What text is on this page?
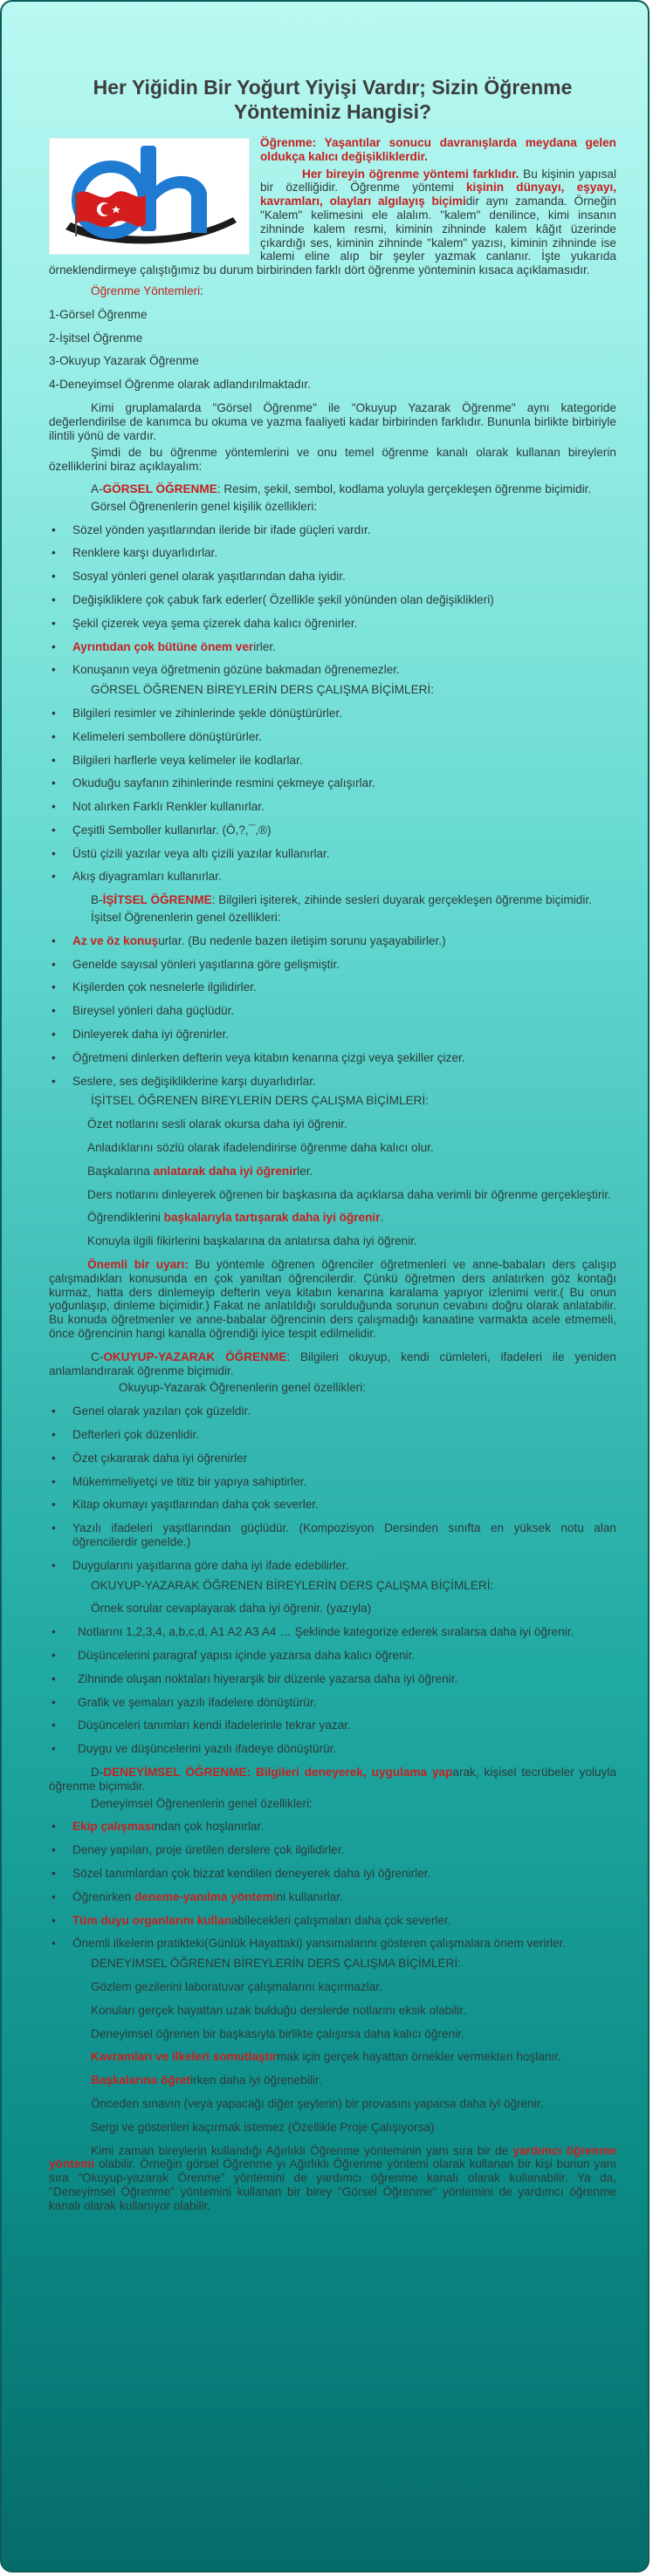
Her Yiğidin Bir Yoğurt Yiyişi Vardır; Sizin Öğrenme Yönteminiz Hangisi?

Öğrenme: Yaşantılar sonucu davranışlarda meydana gelen oldukça kalıcı değişikliklerdir.

Her bireyin öğrenme yöntemi farklıdır. Bu kişinin yapısal bir özelliğidir. Öğrenme yöntemi kişinin dünyayı, eşyayı, kavramları, olayları algılayış biçimidir aynı zamanda. Örneğin "Kalem" kelimesini ele alalım. "kalem" denilince, kimi insanın zihninde kalem resmi, kiminin zihninde kalem kâğıt üzerinde çıkardığı ses, kiminin zihninde "kalem" yazısı, kiminin zihninde ise kalemi eline alıp bir şeyler yazmak canlanır. İşte yukarıda örneklendirmeye çalıştığımız bu durum birbirinden farklı dört öğrenme yönteminin kısaca açıklamasıdır.

Öğrenme Yöntemleri:

1-Görsel Öğrenme
2-İşitsel Öğrenme
3-Okuyup Yazarak Öğrenme
4-Deneyimsel Öğrenme olarak adlandırılmaktadır.

Kimi gruplamalarda "Görsel Öğrenme" ile "Okuyup Yazarak Öğrenme" aynı kategoride değerlendirilse de kanımca bu okuma ve yazma faaliyeti kadar birbirinden farklıdır. Bununla birlikte birbiriyle ilintili yönü de vardır.

Şimdi de bu öğrenme yöntemlerini ve onu temel öğrenme kanalı olarak kullanan bireylerin özelliklerini biraz açıklayalım:

A-GÖRSEL ÖĞRENME: Resim, şekil, sembol, kodlama yoluyla gerçekleşen öğrenme biçimidir.

Görsel Öğrenenlerin genel kişilik özellikleri:

• Sözel yönden yaşıtlarından ileride bir ifade güçleri vardır.
• Renklere karşı duyarlıdırlar.
• Sosyal yönleri genel olarak yaşıtlarından daha iyidir.
• Değişikliklere çok çabuk fark ederler( Özellikle şekil yönünden olan değişiklikleri)
• Şekil çizerek veya şema çizerek daha kalıcı öğrenirler.
• Ayrıntıdan çok bütüne önem verirler.
• Konuşanın veya öğretmenin gözüne bakmadan öğrenemezler.

GÖRSEL ÖĞRENEN BİREYLERİN DERS ÇALIŞMA BİÇİMLERİ:

• Bilgileri resimler ve zihinlerinde şekle dönüştürürler.
• Kelimeleri sembollere dönüştürürler.
• Bilgileri harflerle veya kelimeler ile kodlarlar.
• Okuduğu sayfanın zihinlerinde resmini çekmeye çalışırlar.
• Not alırken Farklı Renkler kullanırlar.
• Çeşitli Semboller kullanırlar. (Ö,?,¯,®)
• Üstü çizili yazılar veya altı çizili yazılar kullanırlar.
• Akış diyagramları kullanırlar.

B-İŞİTSEL ÖĞRENME: Bilgileri işiterek, zihinde sesleri duyarak gerçekleşen öğrenme biçimidir.

İşitsel Öğrenenlerin genel özellikleri:

• Az ve öz konuşurlar. (Bu nedenle bazen iletişim sorunu yaşayabilirler.)
• Genelde sayısal yönleri yaşıtlarına göre gelişmiştir.
• Kişilerden çok nesnelerle ilgilidirler.
• Bireysel yönleri daha güçlüdür.
• Dinleyerek daha iyi öğrenirler.
• Öğretmeni dinlerken defterin veya kitabın kenarına çizgi veya şekiller çizer.
• Seslere, ses değişikliklerine karşı duyarlıdırlar.

İŞİTSEL ÖĞRENEN BİREYLERİN DERS ÇALIŞMA BİÇİMLERİ:

Özet notlarını sesli olarak okursa daha iyi öğrenir.

Anladıklarını sözlü olarak ifadelendirirse öğrenme daha kalıcı olur.

Başkalarına anlatarak daha iyi öğrenirler.

Ders notlarını dinleyerek öğrenen bir başkasına da açıklarsa daha verimli bir öğrenme gerçekleştirir.

Öğrendiklerini başkalarıyla tartışarak daha iyi öğrenir.

Konuyla ilgili fikirlerini başkalarına da anlatırsa daha iyi öğrenir.

Önemli bir uyarı: Bu yöntemle öğrenen öğrenciler öğretmenleri ve anne-babaları ders çalışıp çalışmadıkları konusunda en çok yanıltan öğrencilerdir. Çünkü öğretmen ders anlatırken göz kontağı kurmaz, hatta ders dinlemeyip defterin veya kitabın kenarına karalama yapıyor izlenimi verir.( Bu onun yoğunlaşıp, dinleme biçimidir.) Fakat ne anlatıldığı sorulduğunda sorunun cevabını doğru olarak anlatabilir. Bu konuda öğretmenler ve anne-babalar öğrencinin ders çalışmadığı kanaatine varmakta acele etmemeli, önce öğrencinin hangi kanalla öğrendiği iyice tespit edilmelidir.

C-OKUYUP-YAZARAK ÖĞRENME: Bilgileri okuyup, kendi cümleleri, ifadeleri ile yeniden anlamlandırarak öğrenme biçimidir.

Okuyup-Yazarak Öğrenenlerin genel özellikleri:

• Genel olarak yazıları çok güzeldir.
• Defterleri çok düzenlidir.
• Özet çıkararak daha iyi öğrenirler
• Mükemmeliyetçi ve titiz bir yapıya sahiptirler.
• Kitap okumayı yaşıtlarından daha çok severler.
• Yazılı ifadeleri yaşıtlarından güçlüdür. (Kompozisyon Dersinden sınıfta en yüksek notu alan öğrencilerdir genelde.)
• Duygularını yaşıtlarına göre daha iyi ifade edebilirler.

OKUYUP-YAZARAK ÖĞRENEN BİREYLERİN DERS ÇALIŞMA BİÇİMLERİ:

Örnek sorular cevaplayarak daha iyi öğrenir. (yazıyla)

• Notlarını 1,2,3,4, a,b,c,d, A1 A2 A3 A4 … Şeklinde kategorize ederek sıralarsa daha iyi öğrenir.
• Düşüncelerini paragraf yapısı içinde yazarsa daha kalıcı öğrenir.
• Zihninde oluşan noktaları hiyerarşik bir düzenle yazarsa daha iyi öğrenir.
• Grafik ve şemaları yazılı ifadelere dönüştürür.
• Düşünceleri tanımları kendi ifadelerinle tekrar yazar.
• Duygu ve düşüncelerini yazılı ifadeye dönüştürür.

D-DENEYİMSEL ÖĞRENME: Bilgileri deneyerek, uygulama yaparak, kişisel tecrübeler yoluyla öğrenme biçimidir.

Deneyimsel Öğrenenlerin genel özellikleri:

• Ekip çalışmasından çok hoşlanırlar.
• Deney yapıları, proje üretilen derslere çok ilgilidirler.
• Sözel tanımlardan çok bizzat kendileri deneyerek daha iyi öğrenirler.
• Öğrenirken deneme-yanılma yöntemini kullanırlar.
• Tüm duyu organlarını kullanabilecekleri çalışmaları daha çok severler.
• Önemli ilkelerin pratikteki(Günlük Hayattaki) yansımalarını gösteren çalışmalara önem verirler.

DENEYİMSEL ÖĞRENEN BİREYLERİN DERS ÇALIŞMA BİÇİMLERİ:

Gözlem gezilerini laboratuvar çalışmalarını kaçırmazlar.

Konuları gerçek hayattan uzak bulduğu derslerde notlarını eksik olabilir.

Deneyimsel öğrenen bir başkasıyla birlikte çalışırsa daha kalıcı öğrenir.

Kavramları ve ilkeleri somutlaştırmak için gerçek hayattan örnekler vermekten hoşlanır.

Başkalarına öğretirken daha iyi öğrenebilir.

Önceden sınavın (veya yapacağı diğer şeylerin) bir provasını yaparsa daha iyi öğrenir.

Sergi ve gösterileri kaçırmak istemez (Özellikle Proje Çalışıyorsa)

Kimi zaman bireylerin kullandığı Ağırlıklı Öğrenme yönteminin yanı sıra bir de yardımcı öğrenme yöntemi olabilir. Örneğin görsel Öğrenme yı Ağırlıklı Öğrenme yöntemi olarak kullanan bir kişi bunun yanı sıra "Okuyup-yazarak Örenme" yöntemini de yardımcı öğrenme kanalı olarak kullanabilir. Ya da, "Deneyimsel Öğrenme" yöntemini kullanan bir birey "Görsel Öğrenme" yöntemini de yardımcı öğrenme kanalı olarak kullanıyor olabilir.
